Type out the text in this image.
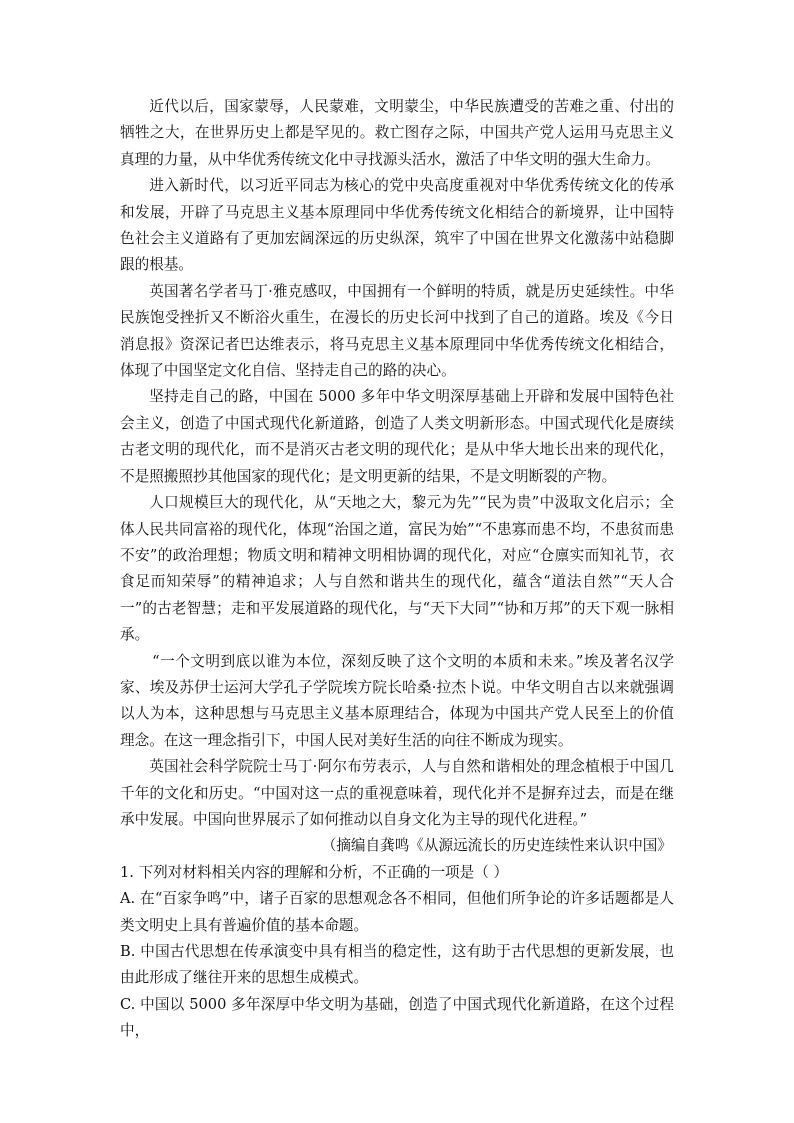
近代以后，国家蒙辱，人民蒙难，文明蒙尘，中华民族遭受的苦难之重、付出的牺牲之大，在世界历史上都是罕见的。救亡图存之际，中国共产党人运用马克思主义真理的力量，从中华优秀传统文化中寻找源头活水，激活了中华文明的强大生命力。

进入新时代，以习近平同志为核心的党中央高度重视对中华优秀传统文化的传承和发展，开辟了马克思主义基本原理同中华优秀传统文化相结合的新境界，让中国特色社会主义道路有了更加宏阔深远的历史纵深，筑牢了中国在世界文化激荡中站稳脚跟的根基。

英国著名学者马丁·雅克感叹，中国拥有一个鲜明的特质，就是历史延续性。中华民族饱受挫折又不断浴火重生，在漫长的历史长河中找到了自己的道路。埃及《今日消息报》资深记者巴达维表示，将马克思主义基本原理同中华优秀传统文化相结合，体现了中国坚定文化自信、坚持走自己的路的决心。

坚持走自己的路，中国在 5000 多年中华文明深厚基础上开辟和发展中国特色社会主义，创造了中国式现代化新道路，创造了人类文明新形态。中国式现代化是赓续古老文明的现代化，而不是消灭古老文明的现代化；是从中华大地长出来的现代化，不是照搬照抄其他国家的现代化；是文明更新的结果，不是文明断裂的产物。

人口规模巨大的现代化，从“天地之大，黎元为先”“民为贵”中汲取文化启示；全体人民共同富裕的现代化，体现“治国之道，富民为始”“不患寡而患不均，不患贫而患不安”的政治理想；物质文明和精神文明相协调的现代化，对应“仓廪实而知礼节，衣食足而知荣辱”的精神追求；人与自然和谐共生的现代化，蕴含“道法自然”“天人合一”的古老智慧；走和平发展道路的现代化，与“天下大同”“协和万邦”的天下观一脉相承。

“一个文明到底以谁为本位，深刻反映了这个文明的本质和未来。”埃及著名汉学家、埃及苏伊士运河大学孔子学院埃方院长哈桑·拉杰卜说。中华文明自古以来就强调以人为本，这种思想与马克思主义基本原理结合，体现为中国共产党人民至上的价值理念。在这一理念指引下，中国人民对美好生活的向往不断成为现实。

英国社会科学院院士马丁·阿尔布劳表示，人与自然和谐相处的理念植根于中国几千年的文化和历史。“中国对这一点的重视意味着，现代化并不是摒弃过去，而是在继承中发展。中国向世界展示了如何推动以自身文化为主导的现代化进程。”

（摘编自龚鸣《从源远流长的历史连续性来认识中国》

1. 下列对材料相关内容的理解和分析，不正确的一项是（ ）

A. 在“百家争鸣”中，诸子百家的思想观念各不相同，但他们所争论的许多话题都是人类文明史上具有普遍价值的基本命题。

B. 中国古代思想在传承演变中具有相当的稳定性，这有助于古代思想的更新发展，也由此形成了继往开来的思想生成模式。

C. 中国以 5000 多年深厚中华文明为基础，创造了中国式现代化新道路，在这个过程中，
